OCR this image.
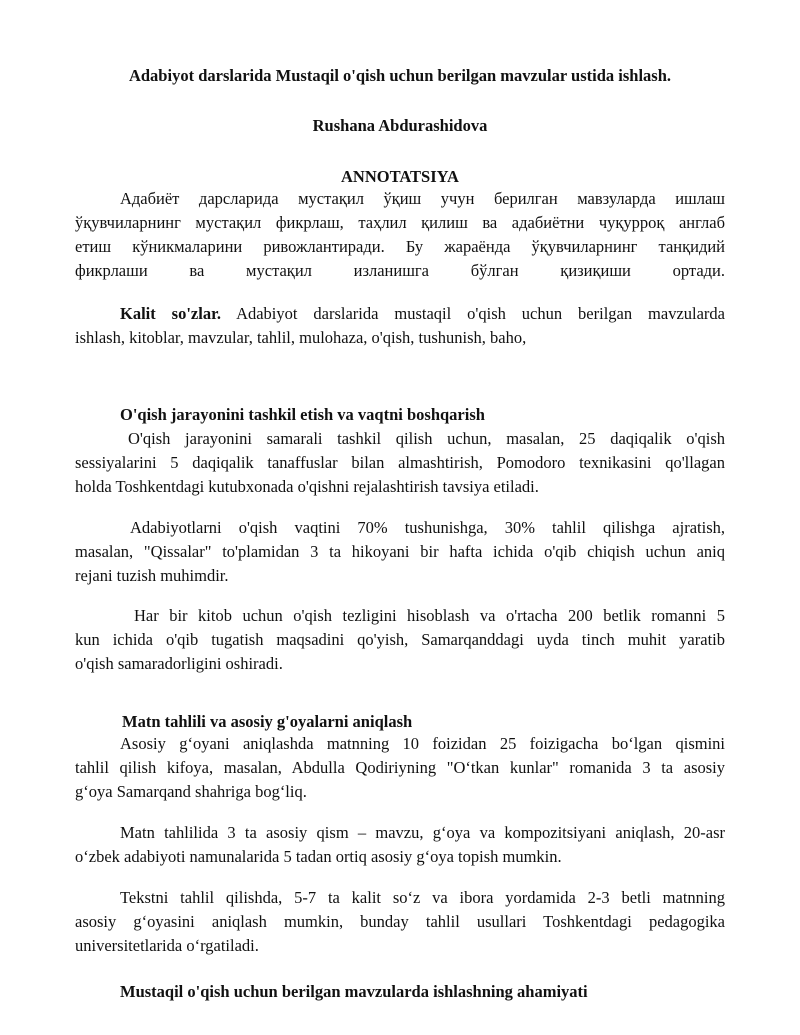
Adabiyot darslarida Mustaqil o'qish uchun berilgan mavzular ustida ishlash.
Rushana Abdurashidova
ANNOTATSIYA
Адабиёт дарсларида мустақил ўқиш учун берилган мавзуларда ишлаш
ўқувчиларнинг мустақил фикрлаш, таҳлил қилиш ва адабиётни чуқурроқ англаб
етиш кўникмаларини ривожлантиради. Бу жараёнда ўқувчиларнинг танқидий
фикрлаши ва мустақил изланишга бўлган қизиқиши ортади.
Kalit so'zlar. Adabiyot darslarida mustaqil o'qish uchun berilgan mavzularda
ishlash, kitoblar, mavzular, tahlil, mulohaza, o'qish, tushunish, baho,
O'qish jarayonini tashkil etish va vaqtni boshqarish
O'qish jarayonini samarali tashkil qilish uchun, masalan, 25 daqiqalik o'qish
sessiyalarini 5 daqiqalik tanaffuslar bilan almashtirish, Pomodoro texnikasini qo'llagan
holda Toshkentdagi kutubxonada o'qishni rejalashtirish tavsiya etiladi.
Adabiyotlarni o'qish vaqtini 70% tushunishga, 30% tahlil qilishga ajratish,
masalan, "Qissalar" to'plamidan 3 ta hikoyani bir hafta ichida o'qib chiqish uchun aniq
rejani tuzish muhimdir.
Har bir kitob uchun o'qish tezligini hisoblash va o'rtacha 200 betlik romanni 5
kun ichida o'qib tugatish maqsadini qo'yish, Samarqanddagi uyda tinch muhit yaratib
o'qish samaradorligini oshiradi.
Matn tahlili va asosiy g'oyalarni aniqlash
Asosiy g‘oyani aniqlashda matnning 10 foizidan 25 foizigacha bo‘lgan qismini
tahlil qilish kifoya, masalan, Abdulla Qodiriyning "O‘tkan kunlar" romanida 3 ta asosiy
g‘oya Samarqand shahriga bog‘liq.
Matn tahlilida 3 ta asosiy qism – mavzu, g‘oya va kompozitsiyani aniqlash, 20-asr
o‘zbek adabiyoti namunalarida 5 tadan ortiq asosiy g‘oya topish mumkin.
Tekstni tahlil qilishda, 5-7 ta kalit so‘z va ibora yordamida 2-3 betli matnning
asosiy g‘oyasini aniqlash mumkin, bunday tahlil usullari Toshkentdagi pedagogika
universitetlarida o‘rgatiladi.
Mustaqil o'qish uchun berilgan mavzularda ishlashning ahamiyati
